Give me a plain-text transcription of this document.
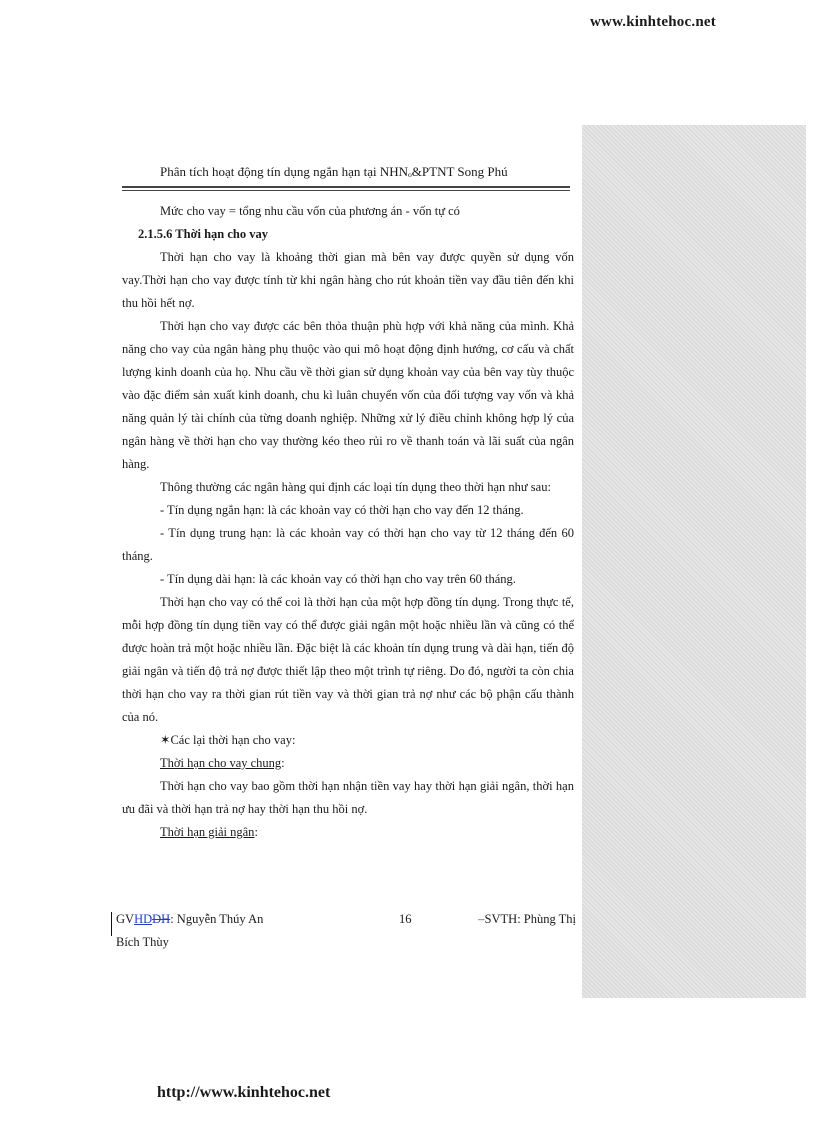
www.kinhtehoc.net
Phân tích hoạt động tín dụng ngắn hạn tại NHNₒ&PTNT Song Phú

Mức cho vay = tổng nhu cầu vốn của phương án - vốn tự có

2.1.5.6 Thời hạn cho vay

Thời hạn cho vay là khoảng thời gian mà bên vay được quyền sử dụng vốn vay.Thời hạn cho vay được tính từ khi ngân hàng cho rút khoản tiền vay đầu tiên đến khi thu hồi hết nợ.

Thời hạn cho vay được các bên thỏa thuận phù hợp với khả năng của mình. Khả năng cho vay của ngân hàng phụ thuộc vào qui mô hoạt động định hướng, cơ cấu và chất lượng kinh doanh của họ. Nhu cầu về thời gian sử dụng khoản vay của bên vay tùy thuộc vào đặc điểm sản xuất kinh doanh, chu kì luân chuyển vốn của đối tượng vay vốn và khả năng quản lý tài chính của từng doanh nghiệp. Những xử lý điều chỉnh không hợp lý của ngân hàng về thời hạn cho vay thường kéo theo rủi ro về thanh toán và lãi suất của ngân hàng.

Thông thường các ngân hàng qui định các loại tín dụng theo thời hạn như sau:

- Tín dụng ngắn hạn: là các khoản vay có thời hạn cho vay đến 12 tháng.

- Tín dụng trung hạn: là các khoản vay có thời hạn cho vay từ 12 tháng đến 60 tháng.

- Tín dụng dài hạn: là các khoản vay có thời hạn cho vay trên 60 tháng.

Thời hạn cho vay có thể coi là thời hạn của một hợp đồng tín dụng. Trong thực tế, mỗi hợp đồng tín dụng tiền vay có thể được giải ngân một hoặc nhiều lần và cũng có thể được hoàn trả một hoặc nhiều lần. Đặc biệt là các khoản tín dụng trung và dài hạn, tiến độ giải ngân và tiến độ trả nợ được thiết lập theo một trình tự riêng. Do đó, người ta còn chia thời hạn cho vay ra thời gian rút tiền vay và thời gian trả nợ như các bộ phận cấu thành của nó.

✶Các lại thời hạn cho vay:

Thời hạn cho vay chung:

Thời hạn cho vay bao gồm thời hạn nhận tiền vay hay thời hạn giải ngân, thời hạn ưu đãi và thời hạn trả nợ hay thời hạn thu hồi nợ.

Thời hạn giải ngân:

GVHDDH: Nguyễn Thúy An	16	–SVTH: Phùng Thị
Bích Thùy
http://www.kinhtehoc.net
